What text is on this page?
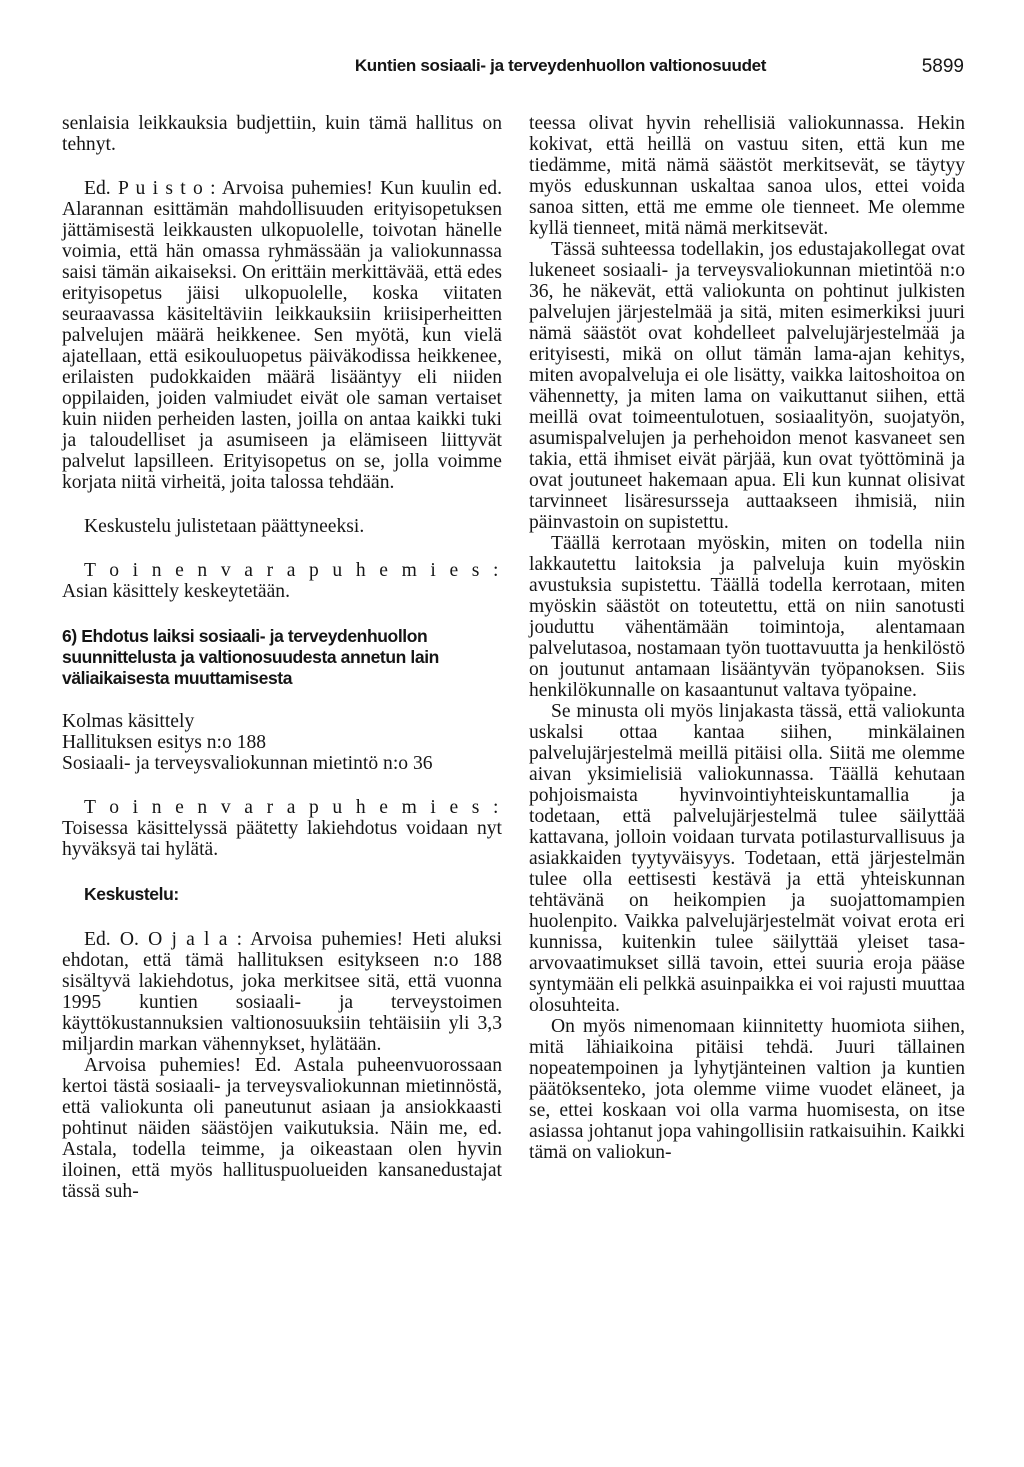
Kuntien sosiaali- ja terveydenhuollon valtionosuudet	5899

senlaisia leikkauksia budjettiin, kuin tämä hallitus on tehnyt.

Ed. P u i s t o : Arvoisa puhemies! Kun kuulin ed. Alarannan esittämän mahdollisuuden erityisopetuksen jättämisestä leikkausten ulkopuolelle, toivotan hänelle voimia, että hän omassa ryhmässään ja valiokunnassa saisi tämän aikaiseksi. On erittäin merkittävää, että edes erityisopetus jäisi ulkopuolelle, koska viitaten seuraavassa käsiteltäviin leikkauksiin kriisiperheitten palvelujen määrä heikkenee. Sen myötä, kun vielä ajatellaan, että esikouluopetus päiväkodissa heikkenee, erilaisten pudokkaiden määrä lisääntyy eli niiden oppilaiden, joiden valmiudet eivät ole saman vertaiset kuin niiden perheiden lasten, joilla on antaa kaikki tuki ja taloudelliset ja asumiseen ja elämiseen liittyvät palvelut lapsilleen. Erityisopetus on se, jolla voimme korjata niitä virheitä, joita talossa tehdään.

Keskustelu julistetaan päättyneeksi.

T o i n e n v a r a p u h e m i e s : Asian käsittely keskeytetään.

6) Ehdotus laiksi sosiaali- ja terveydenhuollon suunnittelusta ja valtionosuudesta annetun lain väliaikaisesta muuttamisesta

Kolmas käsittely

Hallituksen esitys n:o 188

Sosiaali- ja terveysvaliokunnan mietintö n:o 36

T o i n e n v a r a p u h e m i e s : Toisessa käsittelyssä päätetty lakiehdotus voidaan nyt hyväksyä tai hylätä.

Keskustelu:

Ed. O. O j a l a : Arvoisa puhemies! Heti aluksi ehdotan, että tämä hallituksen esitykseen n:o 188 sisältyvä lakiehdotus, joka merkitsee sitä, että vuonna 1995 kuntien sosiaali- ja terveystoimen käyttökustannuksien valtionosuuksiin tehtäisiin yli 3,3 miljardin markan vähennykset, hylätään.

Arvoisa puhemies! Ed. Astala puheenvuorossaan kertoi tästä sosiaali- ja terveysvaliokunnan mietinnöstä, että valiokunta oli paneutunut asiaan ja ansiokkaasti pohtinut näiden säästöjen vaikutuksia. Näin me, ed. Astala, todella teimme, ja oikeastaan olen hyvin iloinen, että myös hallituspuolueiden kansanedustajat tässä suh-

teessa olivat hyvin rehellisiä valiokunnassa. Hekin kokivat, että heillä on vastuu siten, että kun me tiedämme, mitä nämä säästöt merkitsevät, se täytyy myös eduskunnan uskaltaa sanoa ulos, ettei voida sanoa sitten, että me emme ole tienneet. Me olemme kyllä tienneet, mitä nämä merkitsevät.

Tässä suhteessa todellakin, jos edustajakollegat ovat lukeneet sosiaali- ja terveysvaliokunnan mietintöä n:o 36, he näkevät, että valiokunta on pohtinut julkisten palvelujen järjestelmää ja sitä, miten esimerkiksi juuri nämä säästöt ovat kohdelleet palvelujärjestelmää ja erityisesti, mikä on ollut tämän lama-ajan kehitys, miten avopalveluja ei ole lisätty, vaikka laitoshoitoa on vähennetty, ja miten lama on vaikuttanut siihen, että meillä ovat toimeentulotuen, sosiaalityön, suojatyön, asumispalvelujen ja perhehoidon menot kasvaneet sen takia, että ihmiset eivät pärjää, kun ovat työttöminä ja ovat joutuneet hakemaan apua. Eli kun kunnat olisivat tarvinneet lisäresursseja auttaakseen ihmisiä, niin päinvastoin on supistettu.

Täällä kerrotaan myöskin, miten on todella niin lakkautettu laitoksia ja palveluja kuin myöskin avustuksia supistettu. Täällä todella kerrotaan, miten myöskin säästöt on toteutettu, että on niin sanotusti jouduttu vähentämään toimintoja, alentamaan palvelutasoa, nostamaan työn tuottavuutta ja henkilöstö on joutunut antamaan lisääntyvän työpanoksen. Siis henkilökunnalle on kasaantunut valtava työpaine.

Se minusta oli myös linjakasta tässä, että valiokunta uskalsi ottaa kantaa siihen, minkälainen palvelujärjestelmä meillä pitäisi olla. Siitä me olemme aivan yksimielisiä valiokunnassa. Täällä kehutaan pohjoismaista hyvinvointiyhteiskuntamallia ja todetaan, että palvelujärjestelmä tulee säilyttää kattavana, jolloin voidaan turvata potilasturvallisuus ja asiakkaiden tyytyväisyys. Todetaan, että järjestelmän tulee olla eettisesti kestävä ja että yhteiskunnan tehtävänä on heikompien ja suojattomampien huolenpito. Vaikka palvelujärjestelmät voivat erota eri kunnissa, kuitenkin tulee säilyttää yleiset tasa-arvovaatimukset sillä tavoin, ettei suuria eroja pääse syntymään eli pelkkä asuinpaikka ei voi rajusti muuttaa olosuhteita.

On myös nimenomaan kiinnitetty huomiota siihen, mitä lähiaikoina pitäisi tehdä. Juuri tällainen nopeatempoinen ja lyhytjänteinen valtion ja kuntien päätöksenteko, jota olemme viime vuodet eläneet, ja se, ettei koskaan voi olla varma huomisesta, on itse asiassa johtanut jopa vahingollisiin ratkaisuihin. Kaikki tämä on valiokun-
